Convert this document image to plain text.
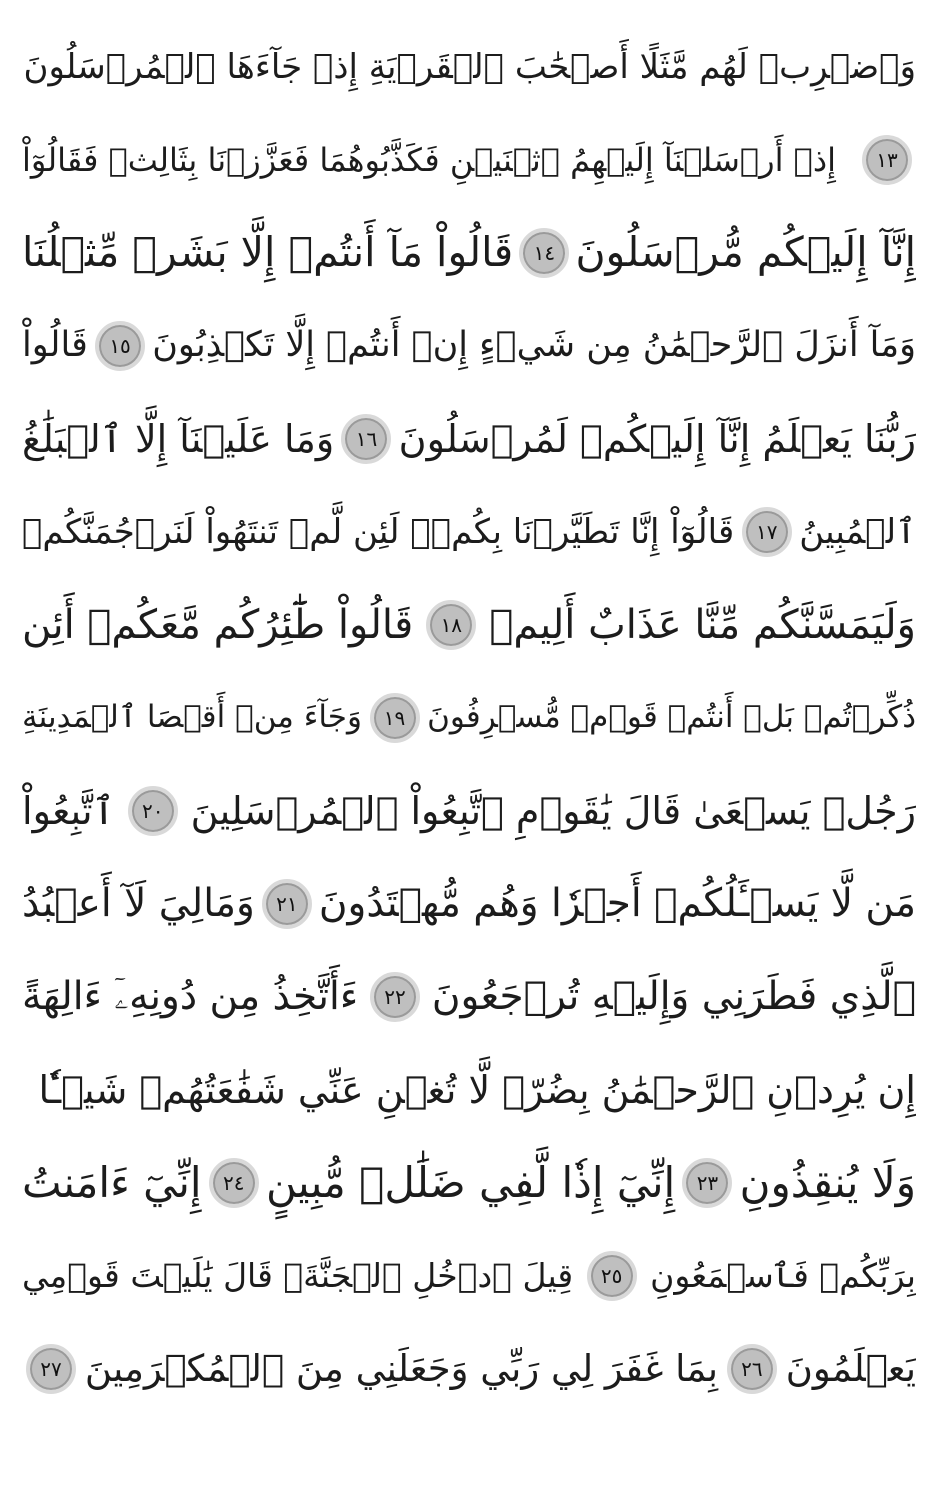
وَٱضۡرِبۡ لَهُم مَّثَلًا أَصۡحَٰبَ ٱلۡقَرۡيَةِ إِذۡ جَآءَهَا ٱلۡمُرۡسَلُونَ
١٣
إِذۡ أَرۡسَلۡنَآ إِلَيۡهِمُ ٱثۡنَيۡنِ فَكَذَّبُوهُمَا فَعَزَّزۡنَا بِثَالِثٖ فَقَالُوٓاْ
إِنَّآ إِلَيۡكُم مُّرۡسَلُونَ
١٤
قَالُواْ مَآ أَنتُمۡ إِلَّا بَشَرٞ مِّثۡلُنَا
وَمَآ أَنزَلَ ٱلرَّحۡمَٰنُ مِن شَيۡءٍ إِنۡ أَنتُمۡ إِلَّا تَكۡذِبُونَ
١٥
قَالُواْ
رَبُّنَا يَعۡلَمُ إِنَّآ إِلَيۡكُمۡ لَمُرۡسَلُونَ
١٦
وَمَا عَلَيۡنَآ إِلَّا ٱلۡبَلَٰغُ
ٱلۡمُبِينُ
١٧
قَالُوٓاْ إِنَّا تَطَيَّرۡنَا بِكُمۡۖ لَئِن لَّمۡ تَنتَهُواْ لَنَرۡجُمَنَّكُمۡ
وَلَيَمَسَّنَّكُم مِّنَّا عَذَابٌ أَلِيمٞ
١٨
قَالُواْ طَٰٓئِرُكُم مَّعَكُمۡ أَئِن
ذُكِّرۡتُمۚ بَلۡ أَنتُمۡ قَوۡمٞ مُّسۡرِفُونَ
١٩
وَجَآءَ مِنۡ أَقۡصَا ٱلۡمَدِينَةِ
رَجُلٞ يَسۡعَىٰ قَالَ يَٰقَوۡمِ ٱتَّبِعُواْ ٱلۡمُرۡسَلِينَ
٢٠
ٱتَّبِعُواْ
مَن لَّا يَسۡـَٔلُكُمۡ أَجۡرٗا وَهُم مُّهۡتَدُونَ
٢١
وَمَالِيَ لَآ أَعۡبُدُ
ٱلَّذِي فَطَرَنِي وَإِلَيۡهِ تُرۡجَعُونَ
٢٢
ءَأَتَّخِذُ مِن دُونِهِۦٓ ءَالِهَةً
إِن يُرِدۡنِ ٱلرَّحۡمَٰنُ بِضُرّٖ لَّا تُغۡنِ عَنِّي شَفَٰعَتُهُمۡ شَيۡـٔٗا
وَلَا يُنقِذُونِ
٢٣
إِنِّيٓ إِذٗا لَّفِي ضَلَٰلٖ مُّبِينٍ
٢٤
إِنِّيٓ ءَامَنتُ
بِرَبِّكُمۡ فَٱسۡمَعُونِ
٢٥
قِيلَ ٱدۡخُلِ ٱلۡجَنَّةَۖ قَالَ يَٰلَيۡتَ قَوۡمِي
يَعۡلَمُونَ
٢٦
بِمَا غَفَرَ لِي رَبِّي وَجَعَلَنِي مِنَ ٱلۡمُكۡرَمِينَ
٢٧
